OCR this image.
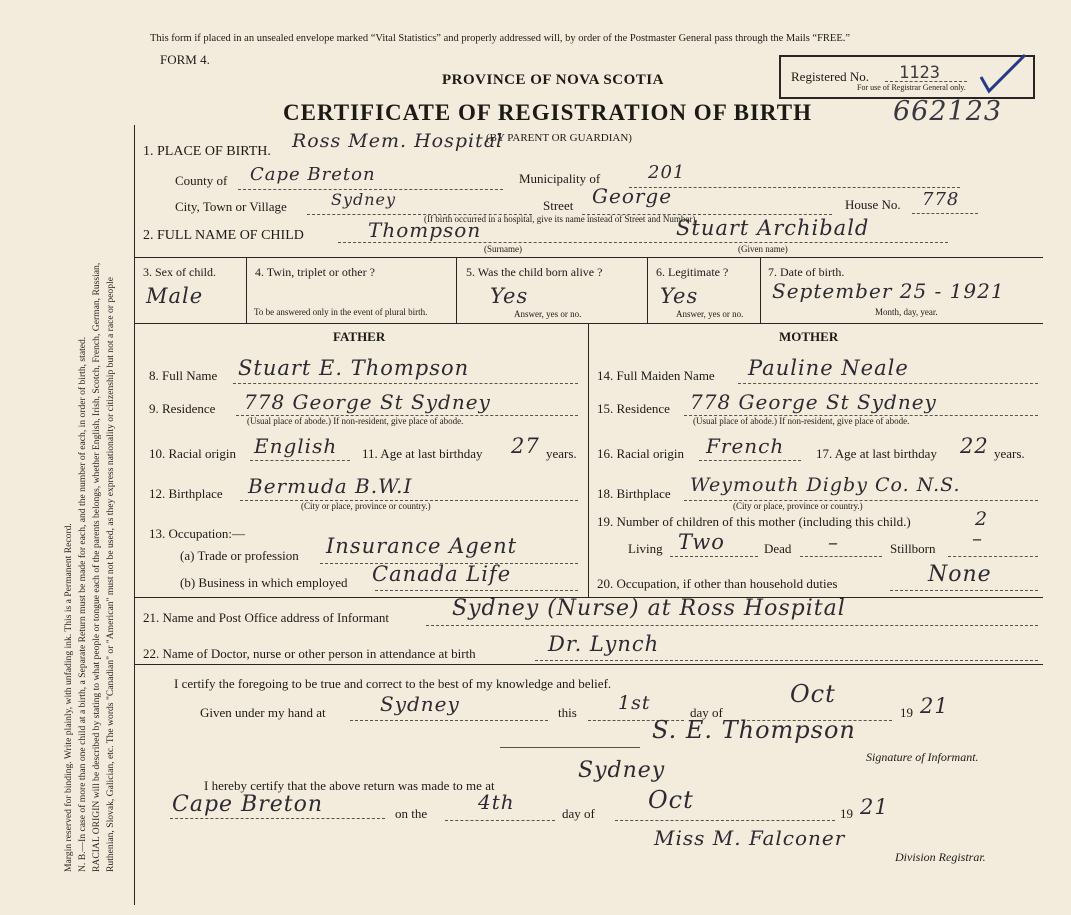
Margin reserved for binding. Write plainly, with unfading ink. This is a Permanent Record. N. B.—In case of more than one child at a birth, a Separate Return must be made for each, and the number of each, in order of birth, stated. RACIAL ORIGIN will be described by stating to what people or tongue each of the parents belongs, whether English, Irish, Scotch, French, German, Russian, Ruthenian, Slovak, Galician, etc. The words "Canadian" or "American" must not be used, as they express nationality or citizenship but not a race or people
This form if placed in an unsealed envelope marked “Vital Statistics” and properly addressed will, by order of the Postmaster General pass through the Mails “FREE.”
FORM 4.
PROVINCE OF NOVA SCOTIA
CERTIFICATE OF REGISTRATION OF BIRTH	662123
(BY PARENT OR GUARDIAN)
Registered No. 1123
For use of Registrar General only.
1. PLACE OF BIRTH. Ross Mem. Hospital
County of Cape Breton	Municipality of	201
City, Town or Village	Sydney	Street George	House No. 778
(If birth occurred in a hospital, give its name instead of Street and Number)
2. FULL NAME OF CHILD	Thompson
(Surname)
Stuart Archibald
(Given name)
3. Sex of child.
Male
4. Twin, triplet or other ?
To be answered only in the event of plural birth.
5. Was the child born alive ?
Yes
Answer, yes or no.
6. Legitimate ?
Yes
Answer, yes or no.
7. Date of birth.
September 25 - 1921
Month, day, year.
FATHER	MOTHER
8. Full Name Stuart E. Thompson
9. Residence 778 George St Sydney
(Usual place of abode.) If non-resident, give place of abode.
10. Racial origin English 11. Age at last birthday 27 years.
12. Birthplace Bermuda B.W.I
(City or place, province or country.)
13. Occupation:—
(a) Trade or profession Insurance Agent
(b) Business in which employed Canada Life
14. Full Maiden Name Pauline Neale
15. Residence 778 George St Sydney
(Usual place of abode.) If non-resident, give place of abode.
16. Racial origin French 17. Age at last birthday 22 years.
18. Birthplace Weymouth Digby Co. N.S.
(City or place, province or country.)
19. Number of children of this mother (including this child.)	2
Living Two	Dead –	Stillborn –
20. Occupation, if other than household duties	None
21. Name and Post Office address of Informant	Sydney (Nurse) at Ross Hospital
22. Name of Doctor, nurse or other person in attendance at birth	Dr. Lynch
I certify the foregoing to be true and correct to the best of my knowledge and belief.
Given under my hand at	Sydney	this 1st	day of
Oct
19 21
S. E. Thompson
Signature of Informant.
I hereby certify that the above return was made to me at
Sydney
Cape Breton	on the	4th	day of Oct	19 21
Miss M. Falconer
Division Registrar.
